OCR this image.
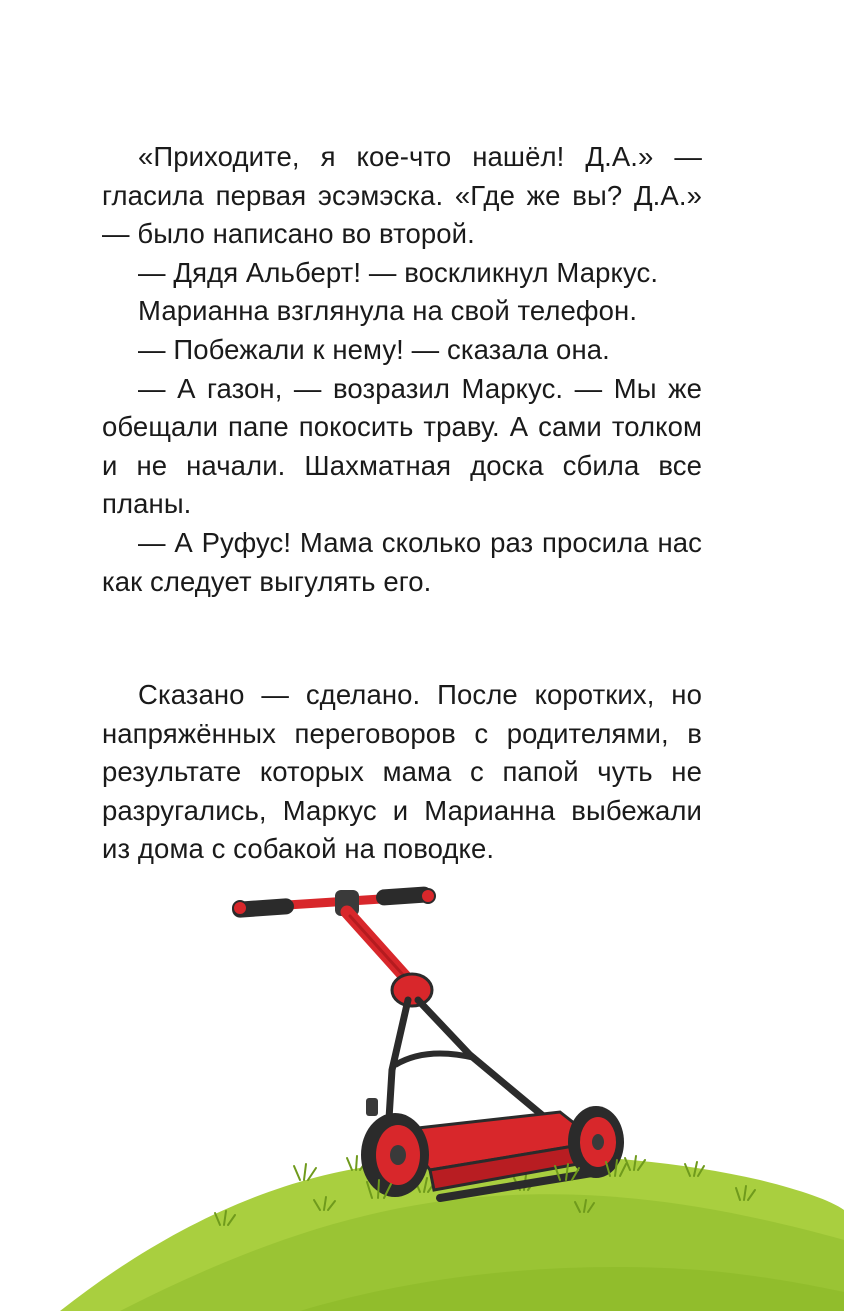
«Приходите, я кое-что нашёл! Д.А.» — гласила первая эсэмэска. «Где же вы? Д.А.» — было написано во второй.

— Дядя Альберт! — воскликнул Маркус.

Марианна взглянула на свой телефон.

— Побежали к нему! — сказала она.

— А газон, — возразил Маркус. — Мы же обещали папе покосить траву. А сами толком и не начали. Шахматная доска сбила все планы.

— А Руфус! Мама сколько раз просила нас как следует выгулять его.

Сказано — сделано. После коротких, но напряжённых переговоров с родителями, в результате которых мама с папой чуть не разругались, Маркус и Марианна выбежали из дома с собакой на поводке.
